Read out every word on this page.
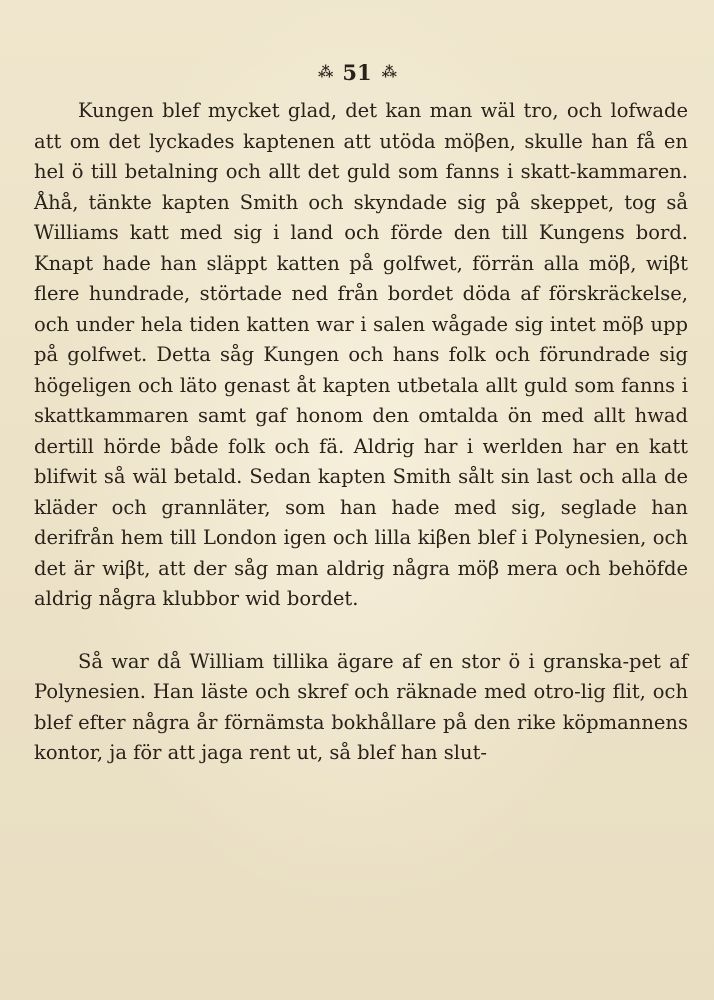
⁂ 51 ⁂

Kungen blef mycket glad, det kan man wäl tro, och lofwade att om det lyckades kaptenen att utöda möβen, skulle han få en hel ö till betalning och allt det guld som fanns i skatt-kammaren. Åhå, tänkte kapten Smith och skyndade sig på skeppet, tog så Williams katt med sig i land och förde den till Kungens bord. Knapt hade han släppt katten på golfwet, förrän alla möβ, wiβt flere hundrade, störtade ned från bordet döda af förskräckelse, och under hela tiden katten war i salen wågade sig intet möβ upp på golfwet. Detta såg Kungen och hans folk och förundrade sig högeligen och läto genast åt kapten utbetala allt guld som fanns i skattkammaren samt gaf honom den omtalda ön med allt hwad dertill hörde både folk och fä. Aldrig har i werlden har en katt blifwit så wäl betald. Sedan kapten Smith sålt sin last och alla de kläder och grannläter, som han hade med sig, seglade han derifrån hem till London igen och lilla kiβen blef i Polynesien, och det är wiβt, att der såg man aldrig några möβ mera och behöfde aldrig några klubbor wid bordet.

Så war då William tillika ägare af en stor ö i granska-pet af Polynesien. Han läste och skref och räknade med otro-lig flit, och blef efter några år förnämsta bokhållare på den rike köpmannens kontor, ja för att jaga rent ut, så blef han slut-
